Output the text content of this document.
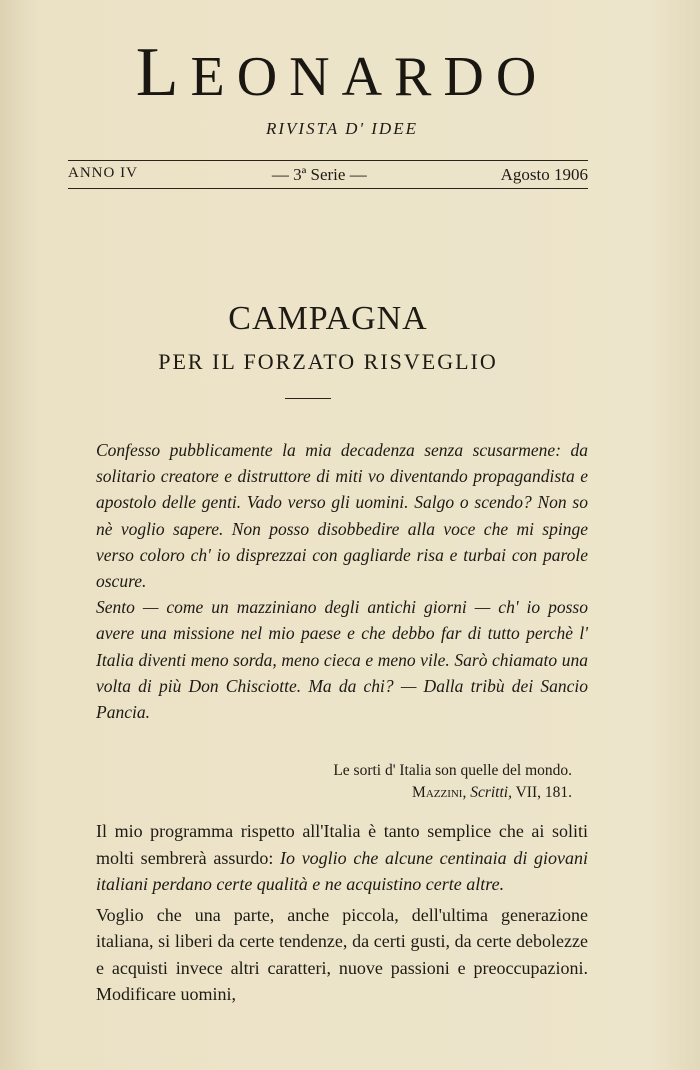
LEONARDO
RIVISTA D' IDEE
ANNO IV	— 3ª Serie —	Agosto 1906
CAMPAGNA
PER IL FORZATO RISVEGLIO

Confesso pubblicamente la mia decadenza senza scusarmene: da solitario creatore e distruttore di miti vo diventando propagandista e apostolo delle genti. Vado verso gli uomini. Salgo o scendo? Non so nè voglio sapere. Non posso disobbedire alla voce che mi spinge verso coloro ch' io disprezzai con gagliarde risa e turbai con parole oscure.

Sento — come un mazziniano degli antichi giorni — ch' io posso avere una missione nel mio paese e che debbo far di tutto perchè l' Italia diventi meno sorda, meno cieca e meno vile. Sarò chiamato una volta di più Don Chisciotte. Ma da chi? — Dalla tribù dei Sancio Pancia.

Le sorti d' Italia son quelle del mondo.
Mazzini, Scritti, VII, 181.

Il mio programma rispetto all'Italia è tanto semplice che ai soliti molti sembrerà assurdo: Io voglio che alcune centinaia di giovani italiani perdano certe qualità e ne acquistino certe altre.

Voglio che una parte, anche piccola, dell'ultima generazione italiana, si liberi da certe tendenze, da certi gusti, da certe debolezze e acquisti invece altri caratteri, nuove passioni e preoccupazioni. Modificare uomini,
